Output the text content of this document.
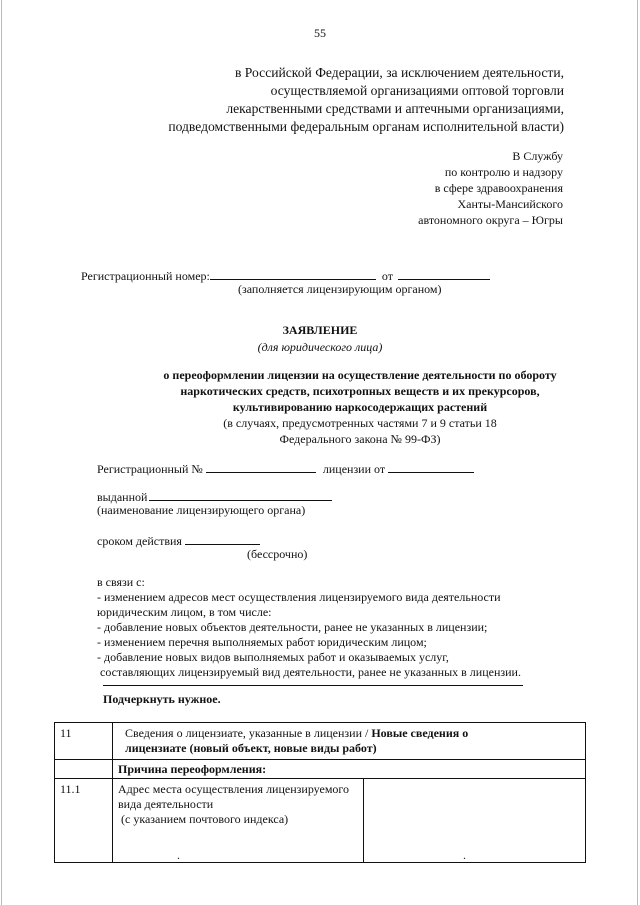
55
в Российской Федерации, за исключением деятельности,
осуществляемой организациями оптовой торговли
лекарственными средствами и аптечными организациями,
подведомственными федеральным органам исполнительной власти)
В Службу
по контролю и надзору
в сфере здравоохранения
Ханты-Мансийского
автономного округа – Югры
Регистрационный номер:	от
(заполняется лицензирующим органом)
ЗАЯВЛЕНИЕ
(для юридического лица)
о переоформлении лицензии на осуществление деятельности по обороту
наркотических средств, психотропных веществ и их прекурсоров,
культивированию наркосодержащих растений
(в случаях, предусмотренных частями 7 и 9 статьи 18
Федерального закона № 99-ФЗ)
Регистрационный №	лицензии от
выданной
(наименование лицензирующего органа)
сроком действия
(бессрочно)
в связи с:
- изменением адресов мест осуществления лицензируемого вида деятельности
юридическим лицом, в том числе:
- добавление новых объектов деятельности, ранее не указанных в лицензии;
- изменением перечня выполняемых работ юридическим лицом;
- добавление новых видов выполняемых работ и оказываемых услуг,
составляющих лицензируемый вид деятельности, ранее не указанных в лицензии.
Подчеркнуть нужное.
11	Сведения о лицензиате, указанные в лицензии / Новые сведения о
лицензиате (новый объект, новые виды работ)	
	Причина переоформления:	
11.1	Адрес места осуществления лицензируемого
вида деятельности
(с указанием почтового индекса)	

.	.
